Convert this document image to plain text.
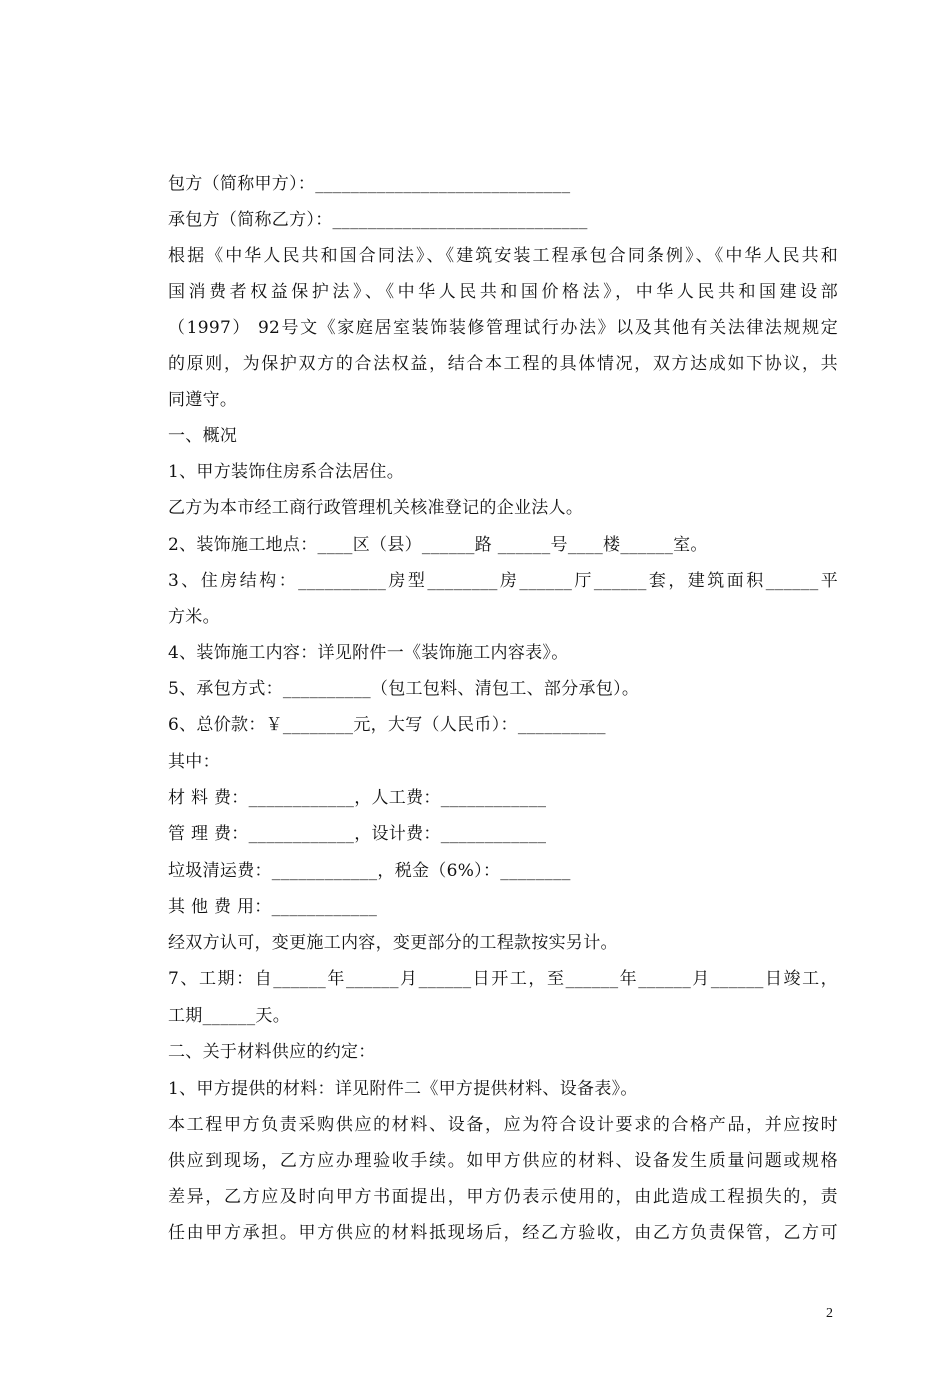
包方（简称甲方）：_____________________________
承包方（简称乙方）：_____________________________
根据《中华人民共和国合同法》、《建筑安装工程承包合同条例》、《中华人民共和
国消费者权益保护法》、《中华人民共和国价格法》，中华人民共和国建设部
（1997） 92号文《家庭居室装饰装修管理试行办法》以及其他有关法律法规规定
的原则，为保护双方的合法权益，结合本工程的具体情况，双方达成如下协议，共
同遵守。
一、概况
1、甲方装饰住房系合法居住。
乙方为本市经工商行政管理机关核准登记的企业法人。
2、装饰施工地点：____区（县）______路 ______号____楼______室。
3、住房结构：__________房型________房______厅______套，建筑面积______平
方米。
4、装饰施工内容：详见附件一《装饰施工内容表》。
5、承包方式：__________（包工包料、清包工、部分承包）。
6、总价款：￥________元，大写（人民币）：__________
其中：
材 料 费：____________，人工费：____________
管 理 费：____________，设计费：____________
垃圾清运费：____________，税金（6%）：________
其 他 费 用：____________
经双方认可，变更施工内容，变更部分的工程款按实另计。
7、工期：自______年______月______日开工，至______年______月______日竣工，
工期______天。
二、关于材料供应的约定：
1、甲方提供的材料：详见附件二《甲方提供材料、设备表》。
本工程甲方负责采购供应的材料、设备，应为符合设计要求的合格产品，并应按时
供应到现场，乙方应办理验收手续。如甲方供应的材料、设备发生质量问题或规格
差异，乙方应及时向甲方书面提出，甲方仍表示使用的，由此造成工程损失的，责
任由甲方承担。甲方供应的材料抵现场后，经乙方验收，由乙方负责保管，乙方可
2
